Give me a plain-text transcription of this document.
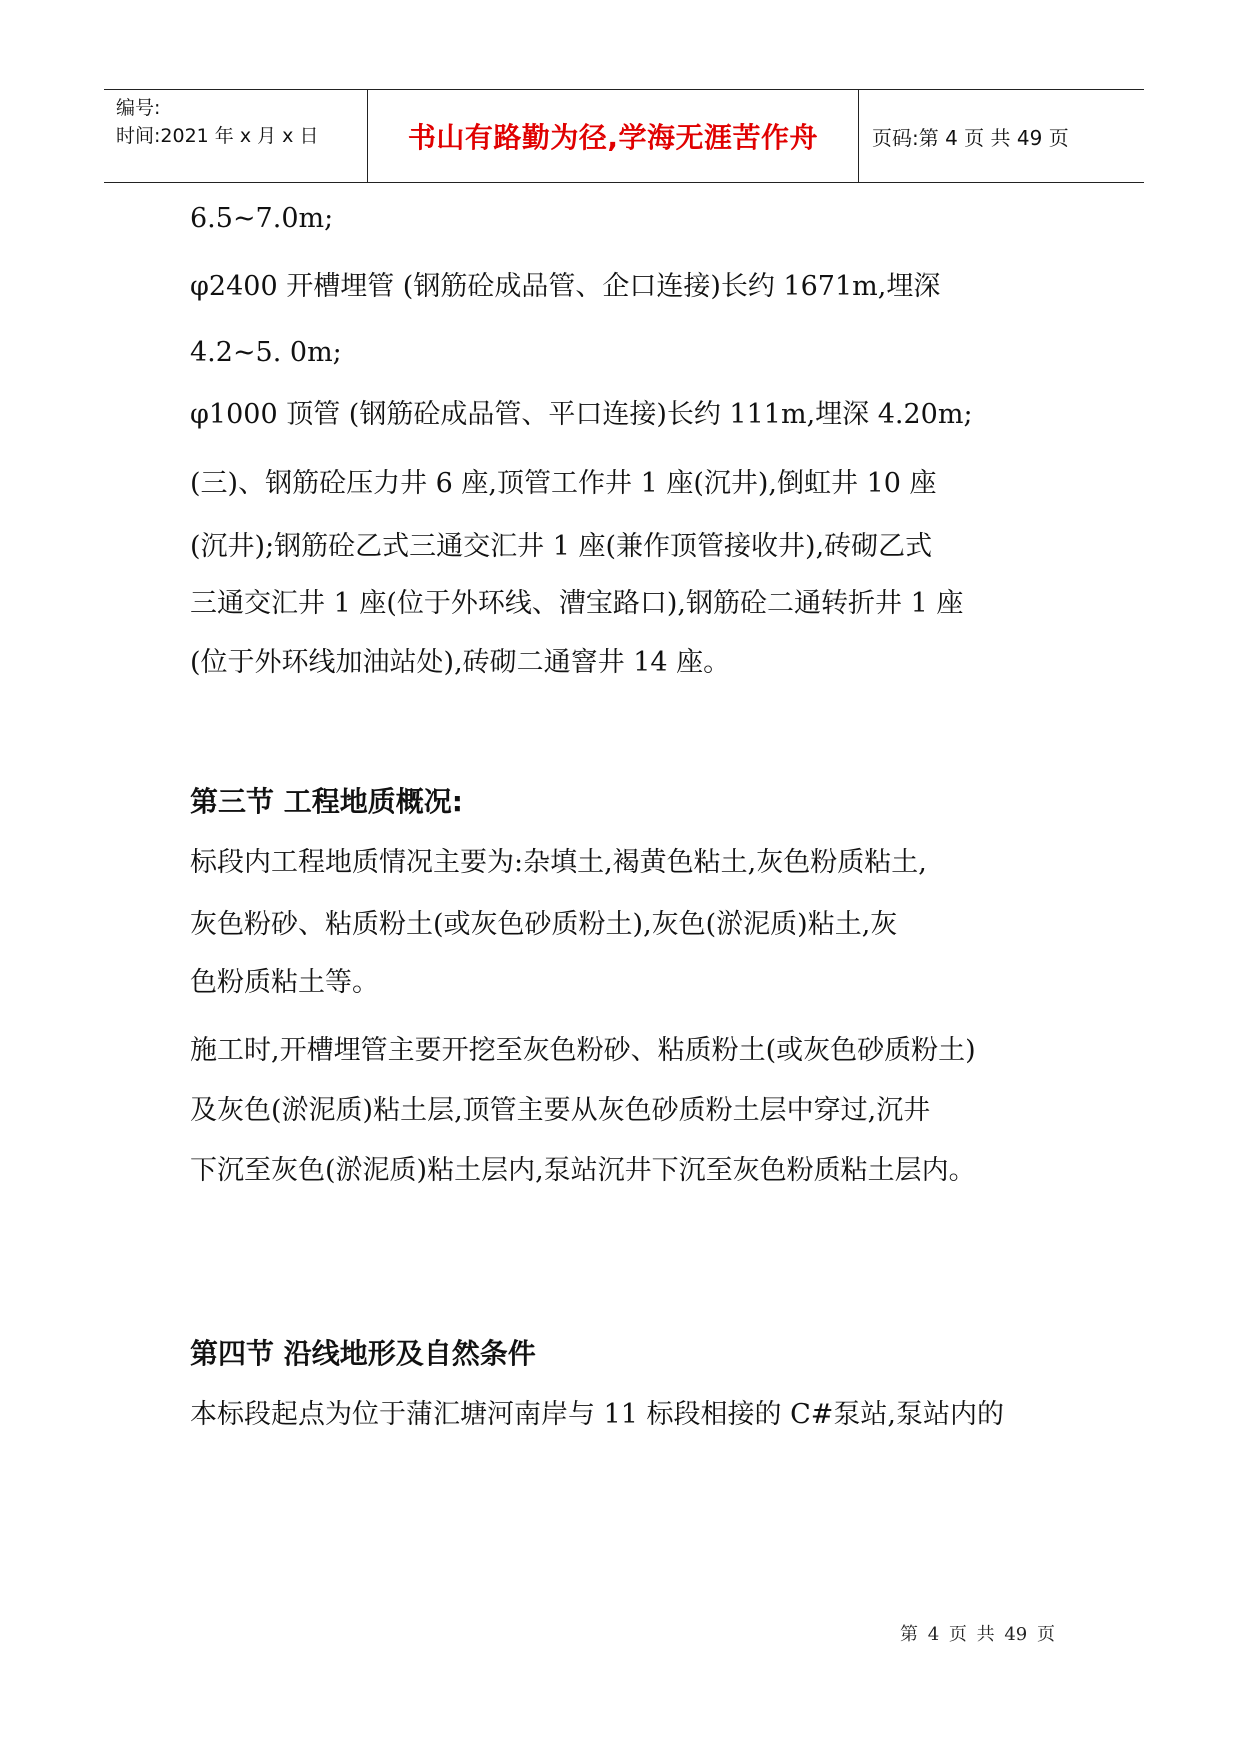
编号:
时间:2021 年 x 月 x 日	书山有路勤为径,学海无涯苦作舟	页码:第 4 页 共 49 页

6.5~7.0m;

φ2400 开槽埋管 (钢筋砼成品管、企口连接)长约 1671m,埋深

4.2~5. 0m;

φ1000 顶管 (钢筋砼成品管、平口连接)长约 111m,埋深 4.20m;

(三)、钢筋砼压力井 6 座,顶管工作井 1 座(沉井),倒虹井 10 座

(沉井);钢筋砼乙式三通交汇井 1 座(兼作顶管接收井),砖砌乙式

三通交汇井 1 座(位于外环线、漕宝路口),钢筋砼二通转折井 1 座

(位于外环线加油站处),砖砌二通窨井 14 座。

第三节 工程地质概况:

标段内工程地质情况主要为:杂填土,褐黄色粘土,灰色粉质粘土,

灰色粉砂、粘质粉土(或灰色砂质粉土),灰色(淤泥质)粘土,灰

色粉质粘土等。

施工时,开槽埋管主要开挖至灰色粉砂、粘质粉土(或灰色砂质粉土)

及灰色(淤泥质)粘土层,顶管主要从灰色砂质粉土层中穿过,沉井

下沉至灰色(淤泥质)粘土层内,泵站沉井下沉至灰色粉质粘土层内。

第四节 沿线地形及自然条件

本标段起点为位于蒲汇塘河南岸与 11 标段相接的 C#泵站,泵站内的

第 4 页 共 49 页
